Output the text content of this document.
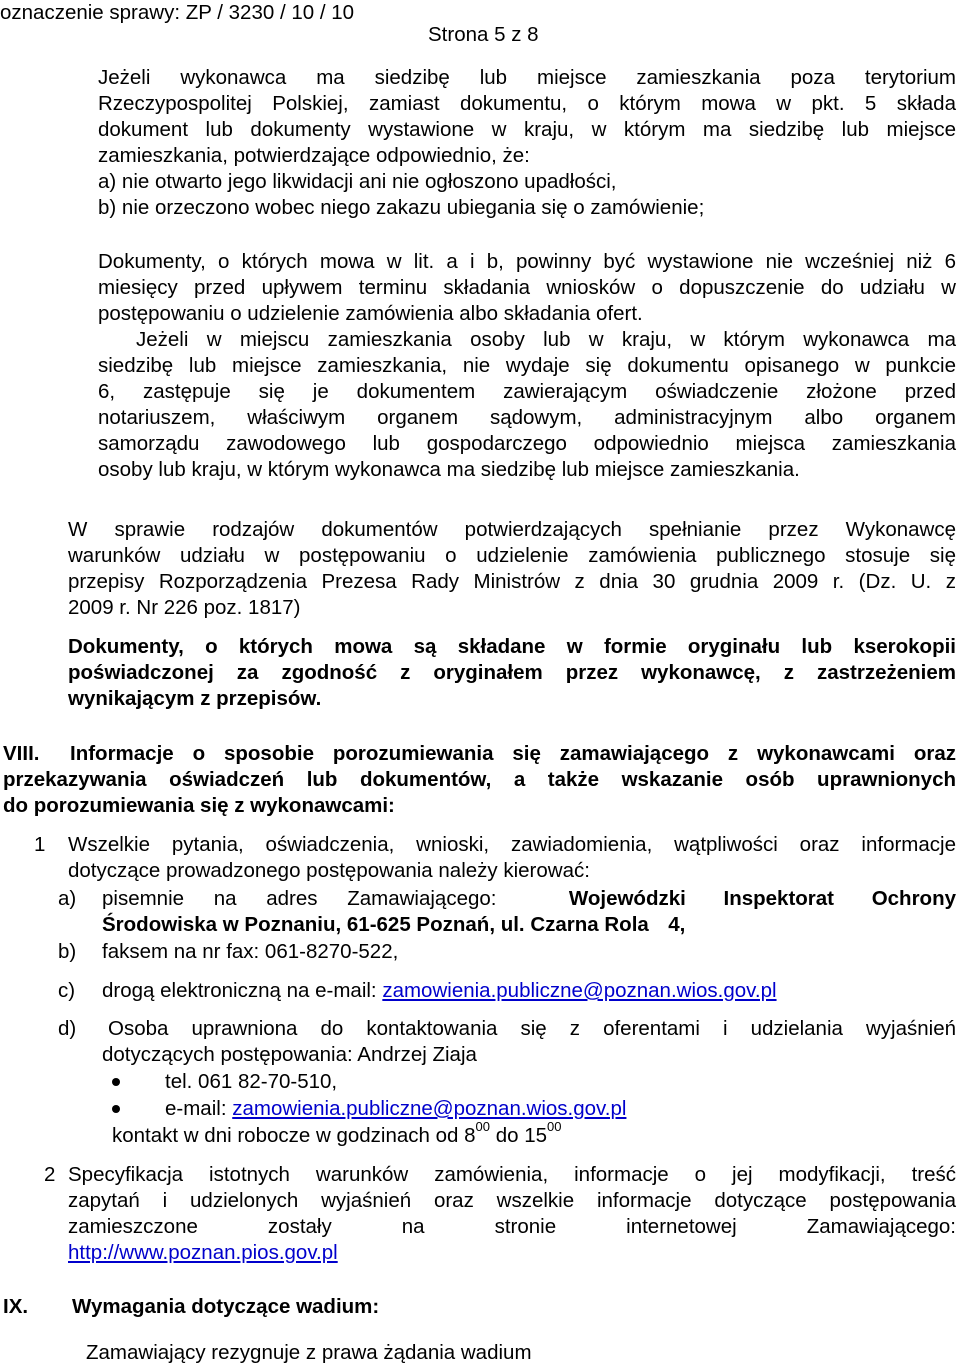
oznaczenie sprawy: ZP / 3230 / 10 / 10
Strona 5 z 8
Jeżeli wykonawca ma siedzibę lub miejsce zamieszkania poza terytorium
Rzeczypospolitej Polskiej, zamiast dokumentu, o którym mowa w pkt. 5 składa
dokument lub dokumenty wystawione w kraju, w którym ma siedzibę lub miejsce
zamieszkania, potwierdzające odpowiednio, że:
a) nie otwarto jego likwidacji ani nie ogłoszono upadłości,
b) nie orzeczono wobec niego zakazu ubiegania się o zamówienie;
Dokumenty, o których mowa w lit. a i b, powinny być wystawione nie wcześniej niż 6
miesięcy przed upływem terminu składania wniosków o dopuszczenie do udziału w
postępowaniu o udzielenie zamówienia albo składania ofert.
Jeżeli w miejscu zamieszkania osoby lub w kraju, w którym wykonawca ma
siedzibę lub miejsce zamieszkania, nie wydaje się dokumentu opisanego w punkcie
6, zastępuje się je dokumentem zawierającym oświadczenie złożone przed
notariuszem, właściwym organem sądowym, administracyjnym albo organem
samorządu zawodowego lub gospodarczego odpowiednio miejsca zamieszkania
osoby lub kraju, w którym wykonawca ma siedzibę lub miejsce zamieszkania.
W sprawie rodzajów dokumentów potwierdzających spełnianie przez Wykonawcę
warunków udziału w postępowaniu o udzielenie zamówienia publicznego stosuje się
przepisy Rozporządzenia Prezesa Rady Ministrów z dnia 30 grudnia 2009 r. (Dz. U. z
2009 r. Nr 226 poz. 1817)
Dokumenty, o których mowa są składane w formie oryginału lub kserokopii
poświadczonej za zgodność z oryginałem przez wykonawcę, z zastrzeżeniem
wynikającym z przepisów.
VIII.	Informacje o sposobie porozumiewania się zamawiającego z wykonawcami oraz
przekazywania oświadczeń lub dokumentów, a także wskazanie osób uprawnionych
do porozumiewania się z wykonawcami:
1 Wszelkie pytania, oświadczenia, wnioski, zawiadomienia, wątpliwości oraz informacje
dotyczące prowadzonego postępowania należy kierować:
a) pisemnie na adres Zamawiającego:	Wojewódzki Inspektorat Ochrony
Środowiska w Poznaniu, 61-625 Poznań, ul. Czarna Rola 4,
b) faksem na nr fax: 061-8270-522,
c) drogą elektroniczną na e-mail: zamowienia.publiczne@poznan.wios.gov.pl
d) Osoba uprawniona do kontaktowania się z oferentami i udzielania wyjaśnień
dotyczących postępowania: Andrzej Ziaja
tel. 061 82-70-510,
e-mail: zamowienia.publiczne@poznan.wios.gov.pl
kontakt w dni robocze w godzinach od $8^{00}$ do $15^{00}$
2 Specyfikacja istotnych warunków zamówienia, informacje o jej modyfikacji, treść
zapytań i udzielonych wyjaśnień oraz wszelkie informacje dotyczące postępowania
zamieszczone zostały na stronie internetowej Zamawiającego:
http://www.poznan.pios.gov.pl
IX. Wymagania dotyczące wadium:
Zamawiający rezygnuje z prawa żądania wadium
